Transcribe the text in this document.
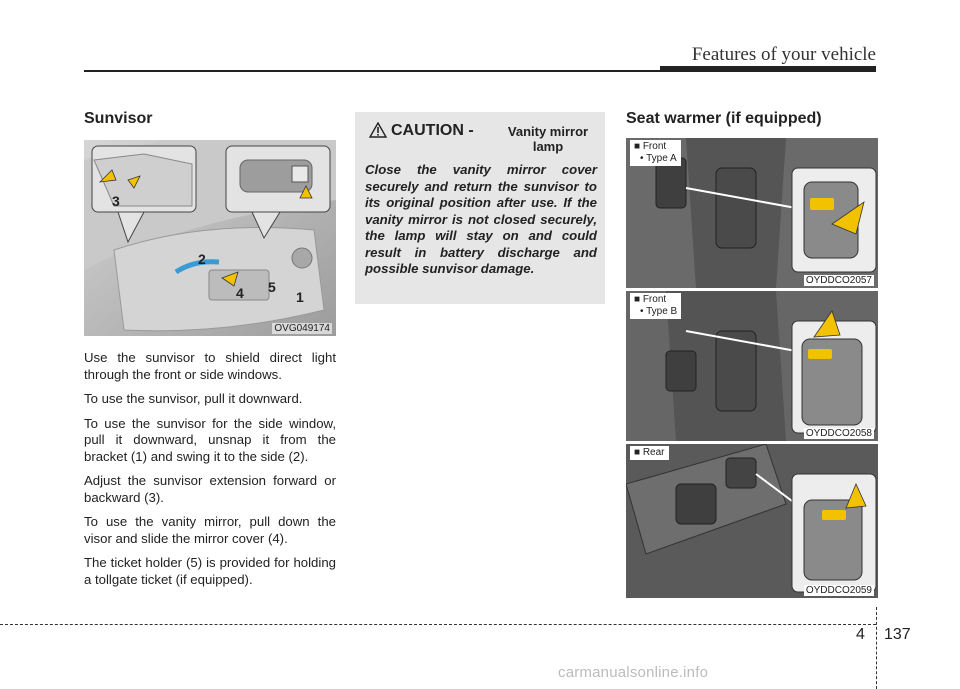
Features of your vehicle
Sunvisor
3
2
4 5
1
OVG049174

Use the sunvisor to shield direct light through the front or side windows.

To use the sunvisor, pull it downward.

To use the sunvisor for the side window, pull it downward, unsnap it from the bracket (1) and swing it to the side (2).

Adjust the sunvisor extension forward or backward (3).

To use the vanity mirror, pull down the visor and slide the mirror cover (4).

The ticket holder (5) is provided for holding a tollgate ticket (if equipped).

CAUTION -	Vanity mirror lamp
Close the vanity mirror cover securely and return the sunvisor to its original position after use. If the vanity mirror is not closed securely, the lamp will stay on and could result in battery discharge and possible sunvisor damage.
Seat warmer (if equipped)
■ Front
• Type A
OYDDCO2057
■ Front
• Type B
OYDDCO2058
■ Rear
OYDDCO2059
4 137
carmanualsonline.info
